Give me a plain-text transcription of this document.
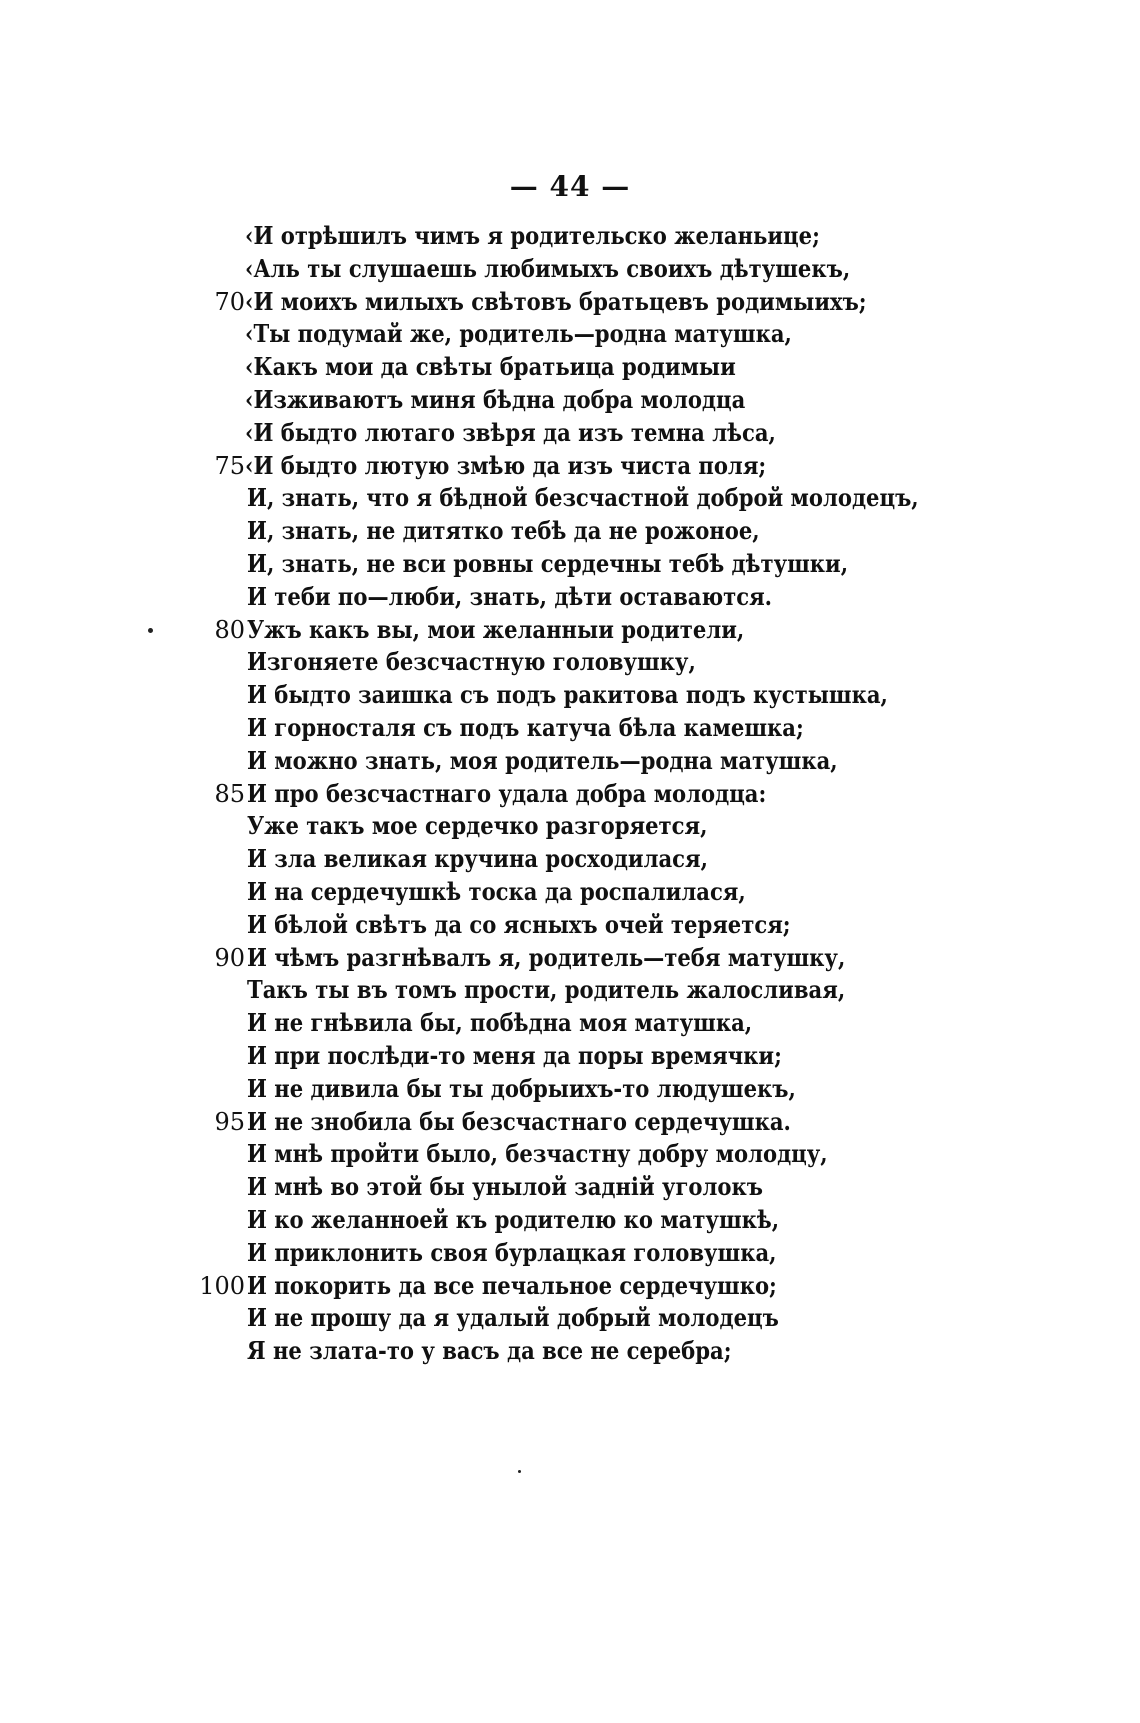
— 44 —
‹И отрѣшилъ чимъ я родительско желаньице;
‹Аль ты слушаешь любимыхъ своихъ дѣтушекъ,
70 ‹И моихъ милыхъ свѣтовъ братьцевъ родимыихъ;
‹Ты подумай же, родитель—родна матушка,
‹Какъ мои да свѣты братьица родимыи
‹Изживаютъ миня бѣдна добра молодца
‹И быдто лютаго звѣря да изъ темна лѣса,
75 ‹И быдто лютую змѣю да изъ чиста поля;
И, знать, что я бѣдной безсчастной доброй молодецъ,
И, знать, не дитятко тебѣ да не рожоное,
И, знать, не вси ровны сердечны тебѣ дѣтушки,
И теби по—люби, знать, дѣти оставаются.
80 Ужъ какъ вы, мои желанныи родители,
Изгоняете безсчастную головушку,
И быдто заишка съ подъ ракитова подъ кустышка,
И горносталя съ подъ катуча бѣла камешка;
И можно знать, моя родитель—родна матушка,
85 И про безсчастнаго удала добра молодца:
Уже такъ мое сердечко разгоряется,
И зла великая кручина росходилася,
И на сердечушкѣ тоска да роспалилася,
И бѣлой свѣтъ да со ясныхъ очей теряется;
90 И чѣмъ разгнѣвалъ я, родитель—тебя матушку,
Такъ ты въ томъ прости, родитель жалосливая,
И не гнѣвила бы, побѣдна моя матушка,
И при послѣди-то меня да поры времячки;
И не дивила бы ты добрыихъ-то людушекъ,
95 И не знобила бы безсчастнаго сердечушка.
И мнѣ пройти было, безчастну добру молодцу,
И мнѣ во этой бы унылой задній уголокъ
И ко желанноей къ родителю ко матушкѣ,
И приклонить своя бурлацкая головушка,
100 И покорить да все печальное сердечушко;
И не прошу да я удалый добрый молодецъ
Я не злата-то у васъ да все не серебра;
